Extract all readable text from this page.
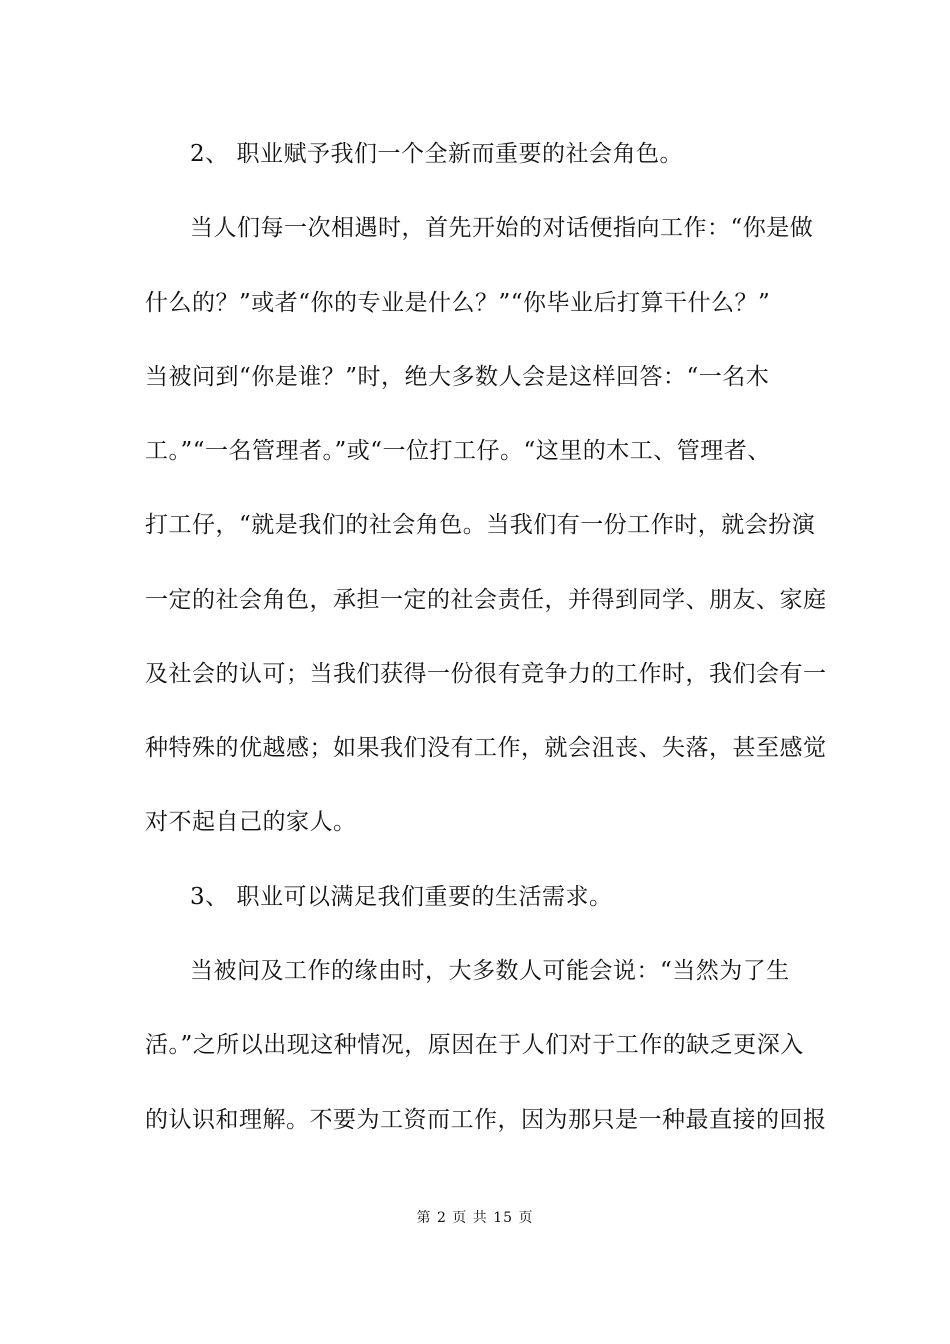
2、 职业赋予我们一个全新而重要的社会角色。
当人们每一次相遇时，首先开始的对话便指向工作：“你是做
什么的？”或者“你的专业是什么？”“你毕业后打算干什么？”
当被问到“你是谁？”时，绝大多数人会是这样回答：“一名木
工。”“一名管理者。”或“一位打工仔。“这里的木工、管理者、
打工仔，“就是我们的社会角色。当我们有一份工作时，就会扮演
一定的社会角色，承担一定的社会责任，并得到同学、朋友、家庭
及社会的认可；当我们获得一份很有竞争力的工作时，我们会有一
种特殊的优越感；如果我们没有工作，就会沮丧、失落，甚至感觉
对不起自己的家人。
3、 职业可以满足我们重要的生活需求。
当被问及工作的缘由时，大多数人可能会说：“当然为了生
活。”之所以出现这种情况，原因在于人们对于工作的缺乏更深入
的认识和理解。不要为工资而工作，因为那只是一种最直接的回报
第 2 页 共 15 页
